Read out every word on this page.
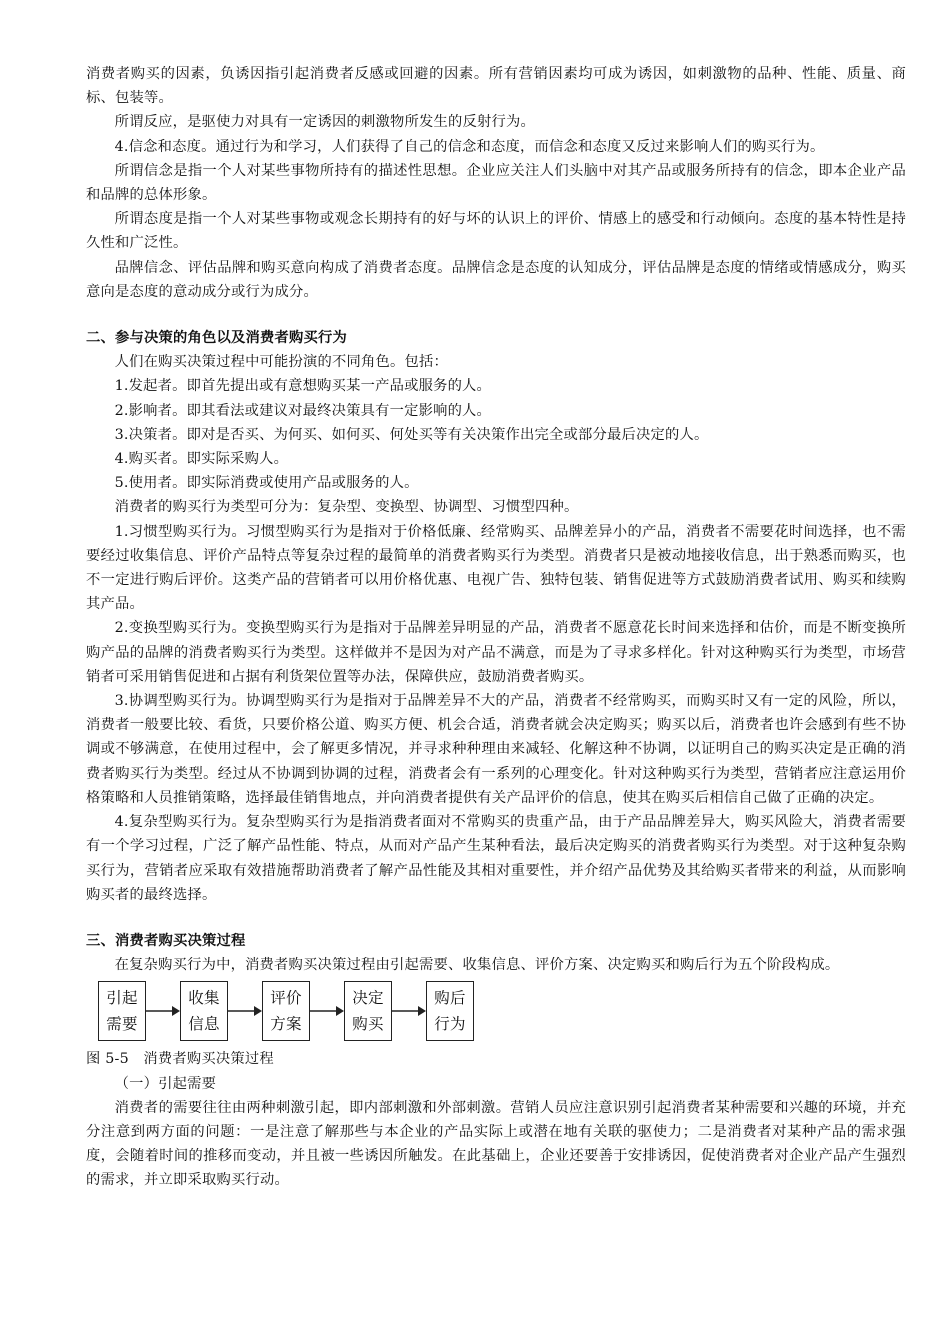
消费者购买的因素，负诱因指引起消费者反感或回避的因素。所有营销因素均可成为诱因，如刺激物的品种、性能、质量、商标、包装等。

所谓反应，是驱使力对具有一定诱因的刺激物所发生的反射行为。

4.信念和态度。通过行为和学习，人们获得了自己的信念和态度，而信念和态度又反过来影响人们的购买行为。

所谓信念是指一个人对某些事物所持有的描述性思想。企业应关注人们头脑中对其产品或服务所持有的信念，即本企业产品和品牌的总体形象。

所谓态度是指一个人对某些事物或观念长期持有的好与坏的认识上的评价、情感上的感受和行动倾向。态度的基本特性是持久性和广泛性。

品牌信念、评估品牌和购买意向构成了消费者态度。品牌信念是态度的认知成分，评估品牌是态度的情绪或情感成分，购买意向是态度的意动成分或行为成分。

二、参与决策的角色以及消费者购买行为

人们在购买决策过程中可能扮演的不同角色。包括：

1.发起者。即首先提出或有意想购买某一产品或服务的人。

2.影响者。即其看法或建议对最终决策具有一定影响的人。

3.决策者。即对是否买、为何买、如何买、何处买等有关决策作出完全或部分最后决定的人。

4.购买者。即实际采购人。

5.使用者。即实际消费或使用产品或服务的人。

消费者的购买行为类型可分为：复杂型、变换型、协调型、习惯型四种。

1.习惯型购买行为。习惯型购买行为是指对于价格低廉、经常购买、品牌差异小的产品，消费者不需要花时间选择，也不需要经过收集信息、评价产品特点等复杂过程的最简单的消费者购买行为类型。消费者只是被动地接收信息，出于熟悉而购买，也不一定进行购后评价。这类产品的营销者可以用价格优惠、电视广告、独特包装、销售促进等方式鼓励消费者试用、购买和续购其产品。

2.变换型购买行为。变换型购买行为是指对于品牌差异明显的产品，消费者不愿意花长时间来选择和估价，而是不断变换所购产品的品牌的消费者购买行为类型。这样做并不是因为对产品不满意，而是为了寻求多样化。针对这种购买行为类型，市场营销者可采用销售促进和占据有利货架位置等办法，保障供应，鼓励消费者购买。

3.协调型购买行为。协调型购买行为是指对于品牌差异不大的产品，消费者不经常购买，而购买时又有一定的风险，所以，消费者一般要比较、看货，只要价格公道、购买方便、机会合适，消费者就会决定购买；购买以后，消费者也许会感到有些不协调或不够满意，在使用过程中，会了解更多情况，并寻求种种理由来减轻、化解这种不协调，以证明自己的购买决定是正确的消费者购买行为类型。经过从不协调到协调的过程，消费者会有一系列的心理变化。针对这种购买行为类型，营销者应注意运用价格策略和人员推销策略，选择最佳销售地点，并向消费者提供有关产品评价的信息，使其在购买后相信自己做了正确的决定。

4.复杂型购买行为。复杂型购买行为是指消费者面对不常购买的贵重产品，由于产品品牌差异大，购买风险大，消费者需要有一个学习过程，广泛了解产品性能、特点，从而对产品产生某种看法，最后决定购买的消费者购买行为类型。对于这种复杂购买行为，营销者应采取有效措施帮助消费者了解产品性能及其相对重要性，并介绍产品优势及其给购买者带来的利益，从而影响购买者的最终选择。

三、消费者购买决策过程

在复杂购买行为中，消费者购买决策过程由引起需要、收集信息、评价方案、决定购买和购后行为五个阶段构成。

引起需要
收集信息
评价方案
决定购买
购后行为

图 5-5　消费者购买决策过程

（一）引起需要

消费者的需要往往由两种刺激引起，即内部刺激和外部刺激。营销人员应注意识别引起消费者某种需要和兴趣的环境，并充分注意到两方面的问题：一是注意了解那些与本企业的产品实际上或潜在地有关联的驱使力；二是消费者对某种产品的需求强度，会随着时间的推移而变动，并且被一些诱因所触发。在此基础上，企业还要善于安排诱因，促使消费者对企业产品产生强烈的需求，并立即采取购买行动。
